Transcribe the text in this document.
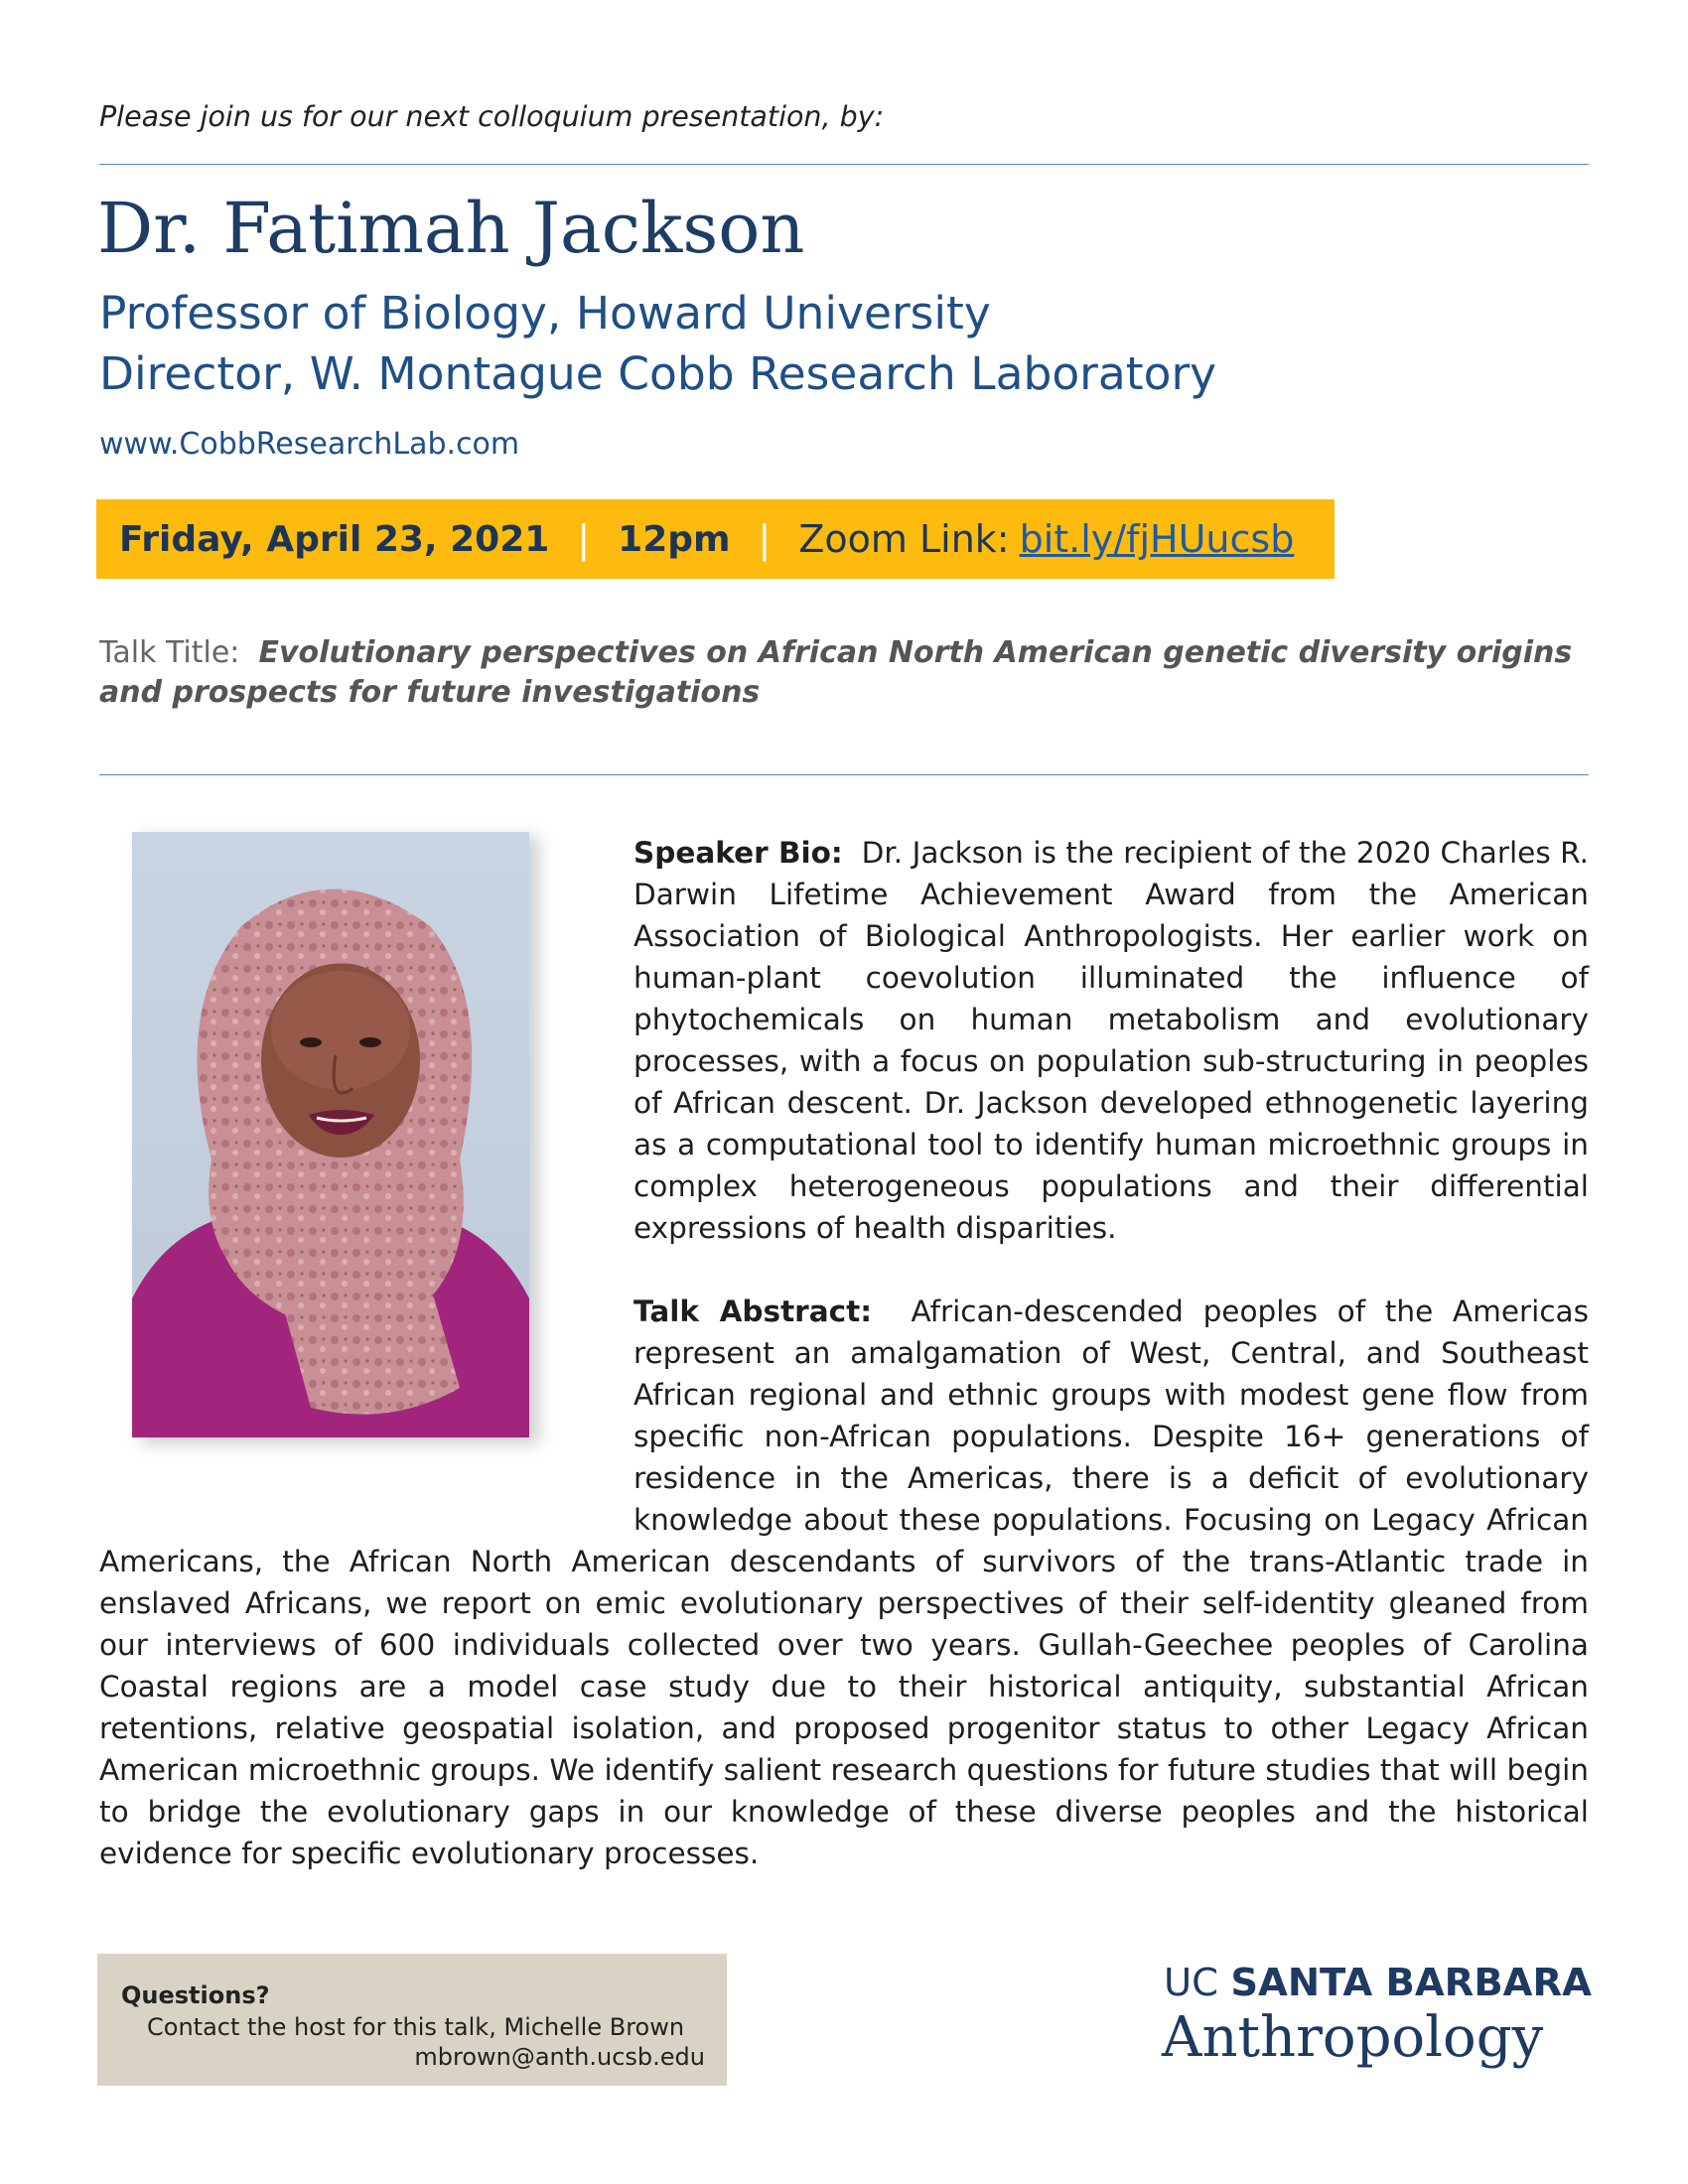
Please join us for our next colloquium presentation, by:
Dr. Fatimah Jackson
Professor of Biology, Howard University
Director, W. Montague Cobb Research Laboratory
www.CobbResearchLab.com
Friday, April 23, 2021 | 12pm | Zoom Link: bit.ly/fjHUucsb
Talk Title: Evolutionary perspectives on African North American genetic diversity origins and prospects for future investigations

Speaker Bio: Dr. Jackson is the recipient of the 2020 Charles R. Darwin Lifetime Achievement Award from the American Association of Biological Anthropologists. Her earlier work on human-plant coevolution illuminated the influence of phytochemicals on human metabolism and evolutionary processes, with a focus on population sub-structuring in peoples of African descent. Dr. Jackson developed ethnogenetic layering as a computational tool to identify human microethnic groups in complex heterogeneous populations and their differential expressions of health disparities.

Talk Abstract: African-descended peoples of the Americas represent an amalgamation of West, Central, and Southeast African regional and ethnic groups with modest gene flow from specific non-African populations. Despite 16+ generations of residence in the Americas, there is a deficit of evolutionary knowledge about these populations. Focusing on Legacy African Americans, the African North American descendants of survivors of the trans-Atlantic trade in enslaved Africans, we report on emic evolutionary perspectives of their self-identity gleaned from our interviews of 600 individuals collected over two years. Gullah-Geechee peoples of Carolina Coastal regions are a model case study due to their historical antiquity, substantial African retentions, relative geospatial isolation, and proposed progenitor status to other Legacy African American microethnic groups. We identify salient research questions for future studies that will begin to bridge the evolutionary gaps in our knowledge of these diverse peoples and the historical evidence for specific evolutionary processes.

Questions?
Contact the host for this talk, Michelle Brown
mbrown@anth.ucsb.edu
UC SANTA BARBARA
Anthropology
